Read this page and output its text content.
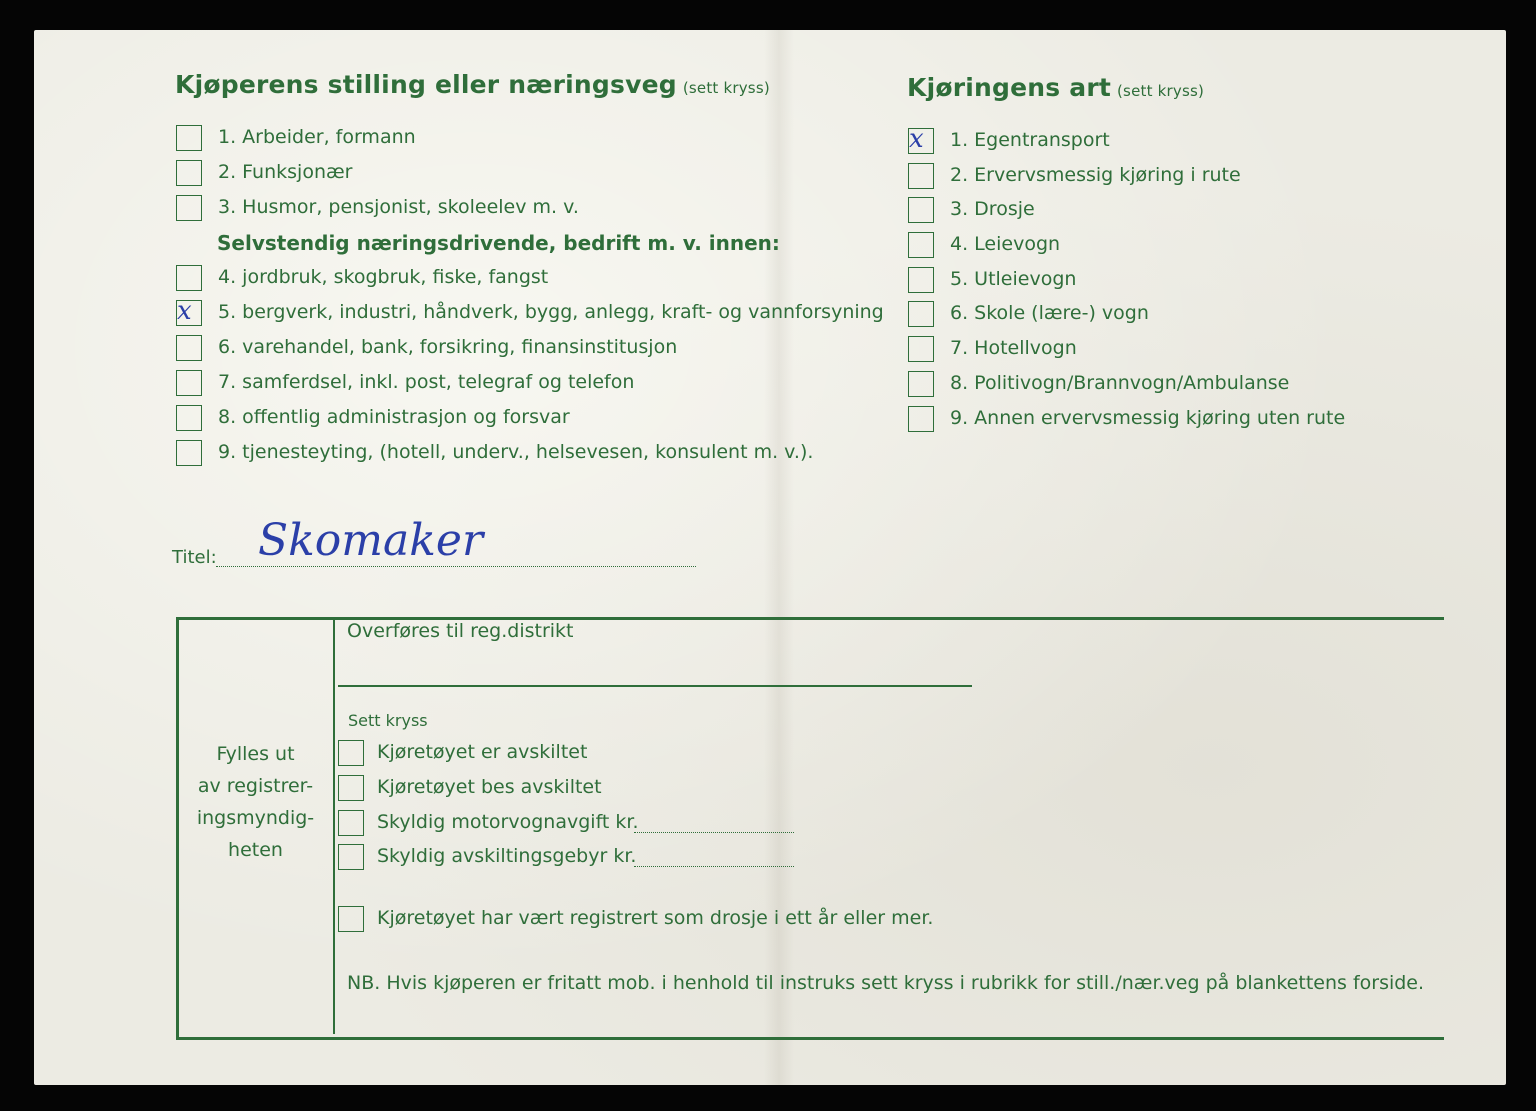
Kjøperens stilling eller næringsveg (sett kryss)
1. Arbeider, formann
2. Funksjonær
3. Husmor, pensjonist, skoleelev m. v.
Selvstendig næringsdrivende, bedrift m. v. innen:
4. jordbruk, skogbruk, fiske, fangst
x 5. bergverk, industri, håndverk, bygg, anlegg, kraft- og vannforsyning
6. varehandel, bank, forsikring, finansinstitusjon
7. samferdsel, inkl. post, telegraf og telefon
8. offentlig administrasjon og forsvar
9. tjenesteyting, (hotell, underv., helsevesen, konsulent m. v.).
Kjøringens art (sett kryss)
x 1. Egentransport
2. Ervervsmessig kjøring i rute
3. Drosje
4. Leievogn
5. Utleievogn
6. Skole (lære-) vogn
7. Hotellvogn
8. Politivogn/Brannvogn/Ambulanse
9. Annen ervervsmessig kjøring uten rute
Titel: Skomaker
Fylles ut
av registrer-
ingsmyndig-
heten
Overføres til reg.distrikt
Sett kryss
Kjøretøyet er avskiltet
Kjøretøyet bes avskiltet
Skyldig motorvognavgift kr.
Skyldig avskiltingsgebyr kr.
Kjøretøyet har vært registrert som drosje i ett år eller mer.
NB. Hvis kjøperen er fritatt mob. i henhold til instruks sett kryss i rubrikk for still./nær.veg på blankettens forside.
